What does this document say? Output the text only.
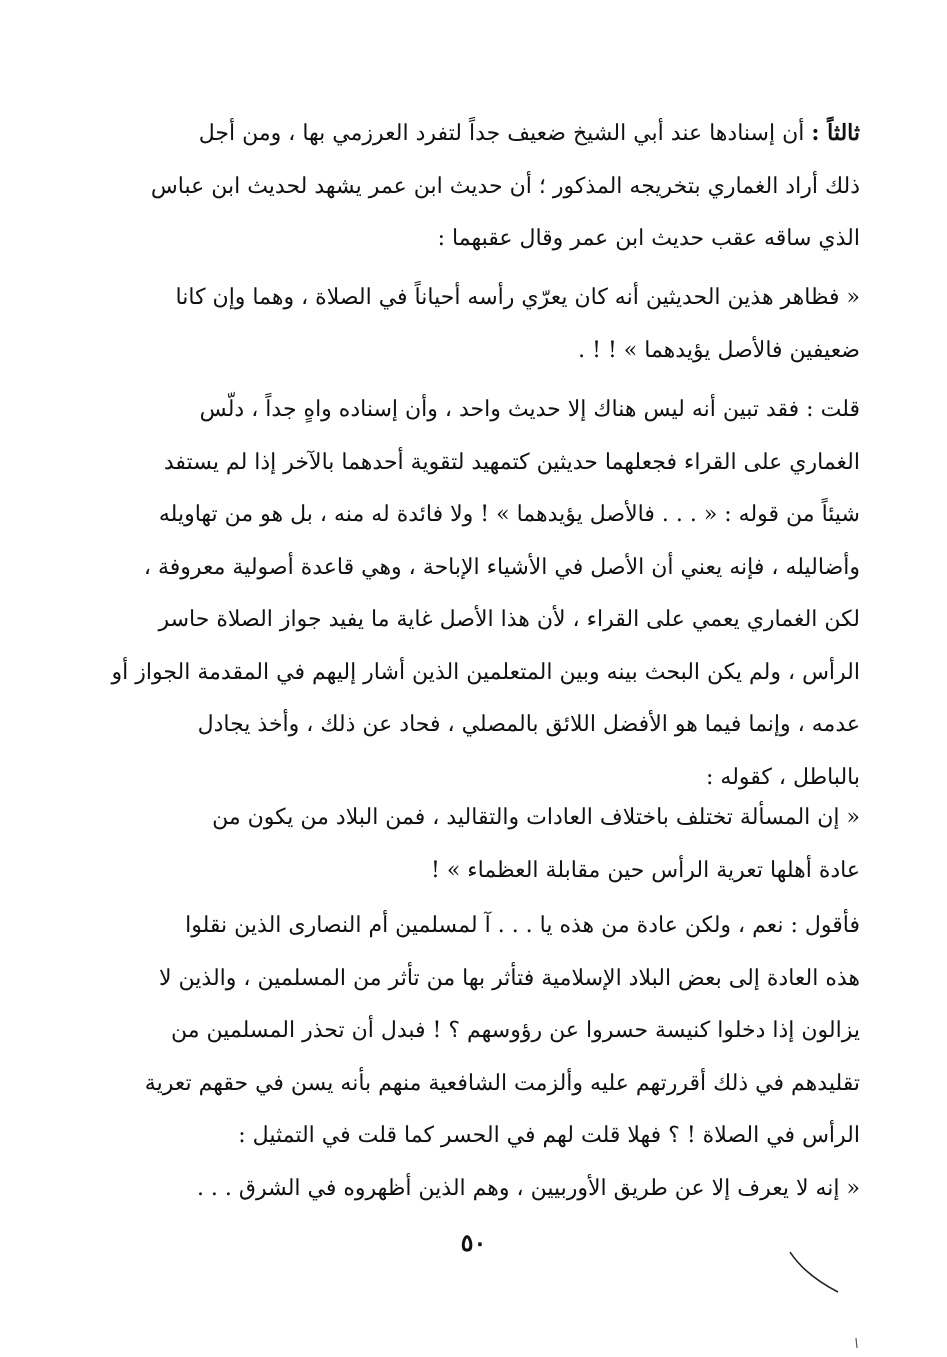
ثالثاً : أن إسنادها عند أبي الشيخ ضعيف جداً لتفرد العرزمي بها ، ومن أجل
ذلك أراد الغماري بتخريجه المذكور ؛ أن حديث ابن عمر يشهد لحديث ابن عباس
الذي ساقه عقب حديث ابن عمر وقال عقبهما :
« فظاهر هذين الحديثين أنه كان يعرّي رأسه أحياناً في الصلاة ، وهما وإن كانا
ضعيفين فالأصل يؤيدهما » ! ! .
قلت : فقد تبين أنه ليس هناك إلا حديث واحد ، وأن إسناده واهٍ جداً ، دلّس
الغماري على القراء فجعلهما حديثين كتمهيد لتقوية أحدهما بالآخر إذا لم يستفد
شيئاً من قوله : « . . . فالأصل يؤيدهما » ! ولا فائدة له منه ، بل هو من تهاويله
وأضاليله ، فإنه يعني أن الأصل في الأشياء الإباحة ، وهي قاعدة أصولية معروفة ،
لكن الغماري يعمي على القراء ، لأن هذا الأصل غاية ما يفيد جواز الصلاة حاسر
الرأس ، ولم يكن البحث بينه وبين المتعلمين الذين أشار إليهم في المقدمة الجواز أو
عدمه ، وإنما فيما هو الأفضل اللائق بالمصلي ، فحاد عن ذلك ، وأخذ يجادل
بالباطل ، كقوله :
« إن المسألة تختلف باختلاف العادات والتقاليد ، فمن البلاد من يكون من
عادة أهلها تعرية الرأس حين مقابلة العظماء » !
فأقول : نعم ، ولكن عادة من هذه يا . . . آ لمسلمين أم النصارى الذين نقلوا
هذه العادة إلى بعض البلاد الإسلامية فتأثر بها من تأثر من المسلمين ، والذين لا
يزالون إذا دخلوا كنيسة حسروا عن رؤوسهم ؟ ! فبدل أن تحذر المسلمين من
تقليدهم في ذلك أقررتهم عليه وألزمت الشافعية منهم بأنه يسن في حقهم تعرية
الرأس في الصلاة ! ؟ فهلا قلت لهم في الحسر كما قلت في التمثيل :
« إنه لا يعرف إلا عن طريق الأوربيين ، وهم الذين أظهروه في الشرق . . .
٥٠
